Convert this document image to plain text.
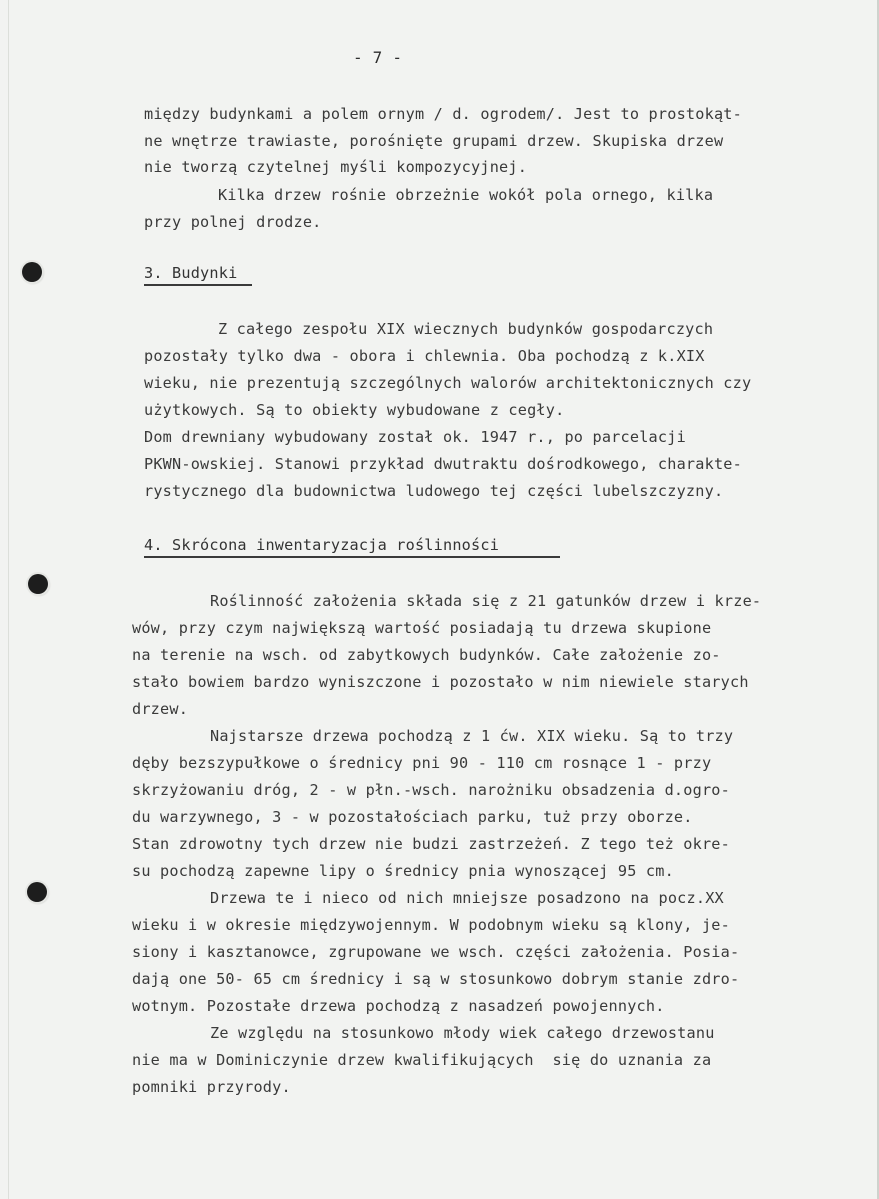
- 7 -
między budynkami a polem ornym / d. ogrodem/. Jest to prostokąt-
ne wnętrze trawiaste, porośnięte grupami drzew. Skupiska drzew
nie tworzą czytelnej myśli kompozycyjnej.
Kilka drzew rośnie obrzeżnie wokół pola ornego, kilka
przy polnej drodze.
3. Budynki
Z całego zespołu XIX wiecznych budynków gospodarczych
pozostały tylko dwa - obora i chlewnia. Oba pochodzą z k.XIX
wieku, nie prezentują szczególnych walorów architektonicznych czy
użytkowych. Są to obiekty wybudowane z cegły.
Dom drewniany wybudowany został ok. 1947 r., po parcelacji
PKWN-owskiej. Stanowi przykład dwutraktu dośrodkowego, charakte-
rystycznego dla budownictwa ludowego tej części lubelszczyzny.
4. Skrócona inwentaryzacja roślinności
Roślinność założenia składa się z 21 gatunków drzew i krze-
wów, przy czym największą wartość posiadają tu drzewa skupione
na terenie na wsch. od zabytkowych budynków. Całe założenie zo-
stało bowiem bardzo wyniszczone i pozostało w nim niewiele starych
drzew.
Najstarsze drzewa pochodzą z 1 ćw. XIX wieku. Są to trzy
dęby bezszypułkowe o średnicy pni 90 - 110 cm rosnące 1 - przy
skrzyżowaniu dróg, 2 - w płn.-wsch. narożniku obsadzenia d.ogro-
du warzywnego, 3 - w pozostałościach parku, tuż przy oborze.
Stan zdrowotny tych drzew nie budzi zastrzeżeń. Z tego też okre-
su pochodzą zapewne lipy o średnicy pnia wynoszącej 95 cm.
Drzewa te i nieco od nich mniejsze posadzono na pocz.XX
wieku i w okresie międzywojennym. W podobnym wieku są klony, je-
siony i kasztanowce, zgrupowane we wsch. części założenia. Posia-
dają one 50- 65 cm średnicy i są w stosunkowo dobrym stanie zdro-
wotnym. Pozostałe drzewa pochodzą z nasadzeń powojennych.
Ze względu na stosunkowo młody wiek całego drzewostanu
nie ma w Dominiczynie drzew kwalifikujących  się do uznania za
pomniki przyrody.
